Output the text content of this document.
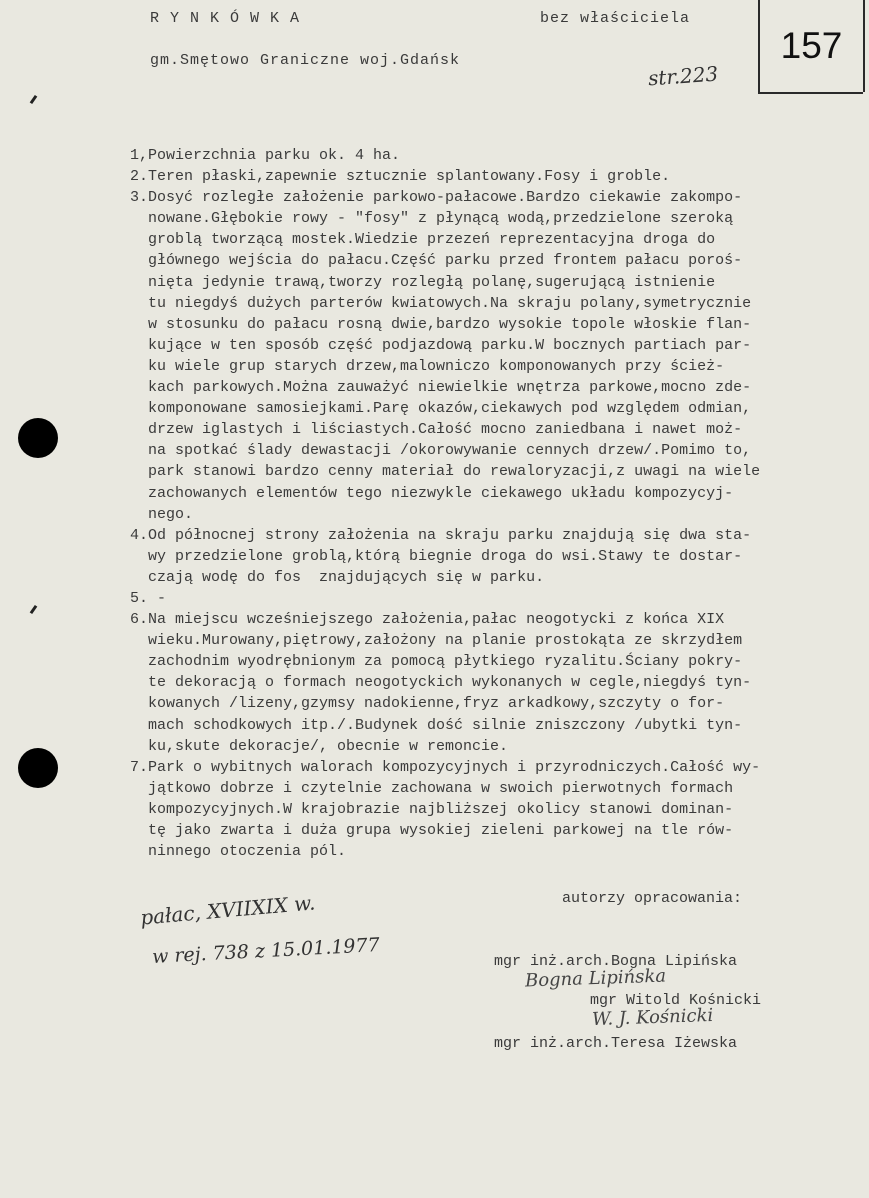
R Y N K Ó W K A	bez właściciela
gm.Smętowo Graniczne woj.Gdańsk
str.223
157
1,Powierzchnia parku ok. 4 ha.
2.Teren płaski,zapewnie sztucznie splantowany.Fosy i groble.
3.Dosyć rozległe założenie parkowo-pałacowe.Bardzo ciekawie zakompo-
nowane.Głębokie rowy - "fosy" z płynącą wodą,przedzielone szeroką
groblą tworzącą mostek.Wiedzie przezeń reprezentacyjna droga do
głównego wejścia do pałacu.Część parku przed frontem pałacu poroś-
nięta jedynie trawą,tworzy rozległą polanę,sugerującą istnienie
tu niegdyś dużych parterów kwiatowych.Na skraju polany,symetrycznie
w stosunku do pałacu rosną dwie,bardzo wysokie topole włoskie flan-
kujące w ten sposób część podjazdową parku.W bocznych partiach par-
ku wiele grup starych drzew,malowniczo komponowanych przy ścież-
kach parkowych.Można zauważyć niewielkie wnętrza parkowe,mocno zde-
komponowane samosiejkami.Parę okazów,ciekawych pod względem odmian,
drzew iglastych i liściastych.Całość mocno zaniedbana i nawet moż-
na spotkać ślady dewastacji /okorowywanie cennych drzew/.Pomimo to,
park stanowi bardzo cenny materiał do rewaloryzacji,z uwagi na wiele
zachowanych elementów tego niezwykle ciekawego układu kompozycyj-
nego.
4.Od północnej strony założenia na skraju parku znajdują się dwa sta-
wy przedzielone groblą,którą biegnie droga do wsi.Stawy te dostar-
czają wodę do fos  znajdujących się w parku.
5. -
6.Na miejscu wcześniejszego założenia,pałac neogotycki z końca XIX
wieku.Murowany,piętrowy,założony na planie prostokąta ze skrzydłem
zachodnim wyodrębnionym za pomocą płytkiego ryzalitu.Ściany pokry-
te dekoracją o formach neogotyckich wykonanych w cegle,niegdyś tyn-
kowanych /lizeny,gzymsy nadokienne,fryz arkadkowy,szczyty o for-
mach schodkowych itp./.Budynek dość silnie zniszczony /ubytki tyn-
ku,skute dekoracje/, obecnie w remoncie.
7.Park o wybitnych walorach kompozycyjnych i przyrodniczych.Całość wy-
jątkowo dobrze i czytelnie zachowana w swoich pierwotnych formach
kompozycyjnych.W krajobrazie najbliższej okolicy stanowi dominan-
tę jako zwarta i duża grupa wysokiej zieleni parkowej na tle rów-
ninnego otoczenia pól.
pałac, XVIIXIX w.
w rej. 738 z 15.01.1977
autorzy opracowania:
mgr inż.arch.Bogna Lipińska
Bogna Lipińska
mgr Witold Kośnicki
W. J. Kośnicki
mgr inż.arch.Teresa Iżewska
